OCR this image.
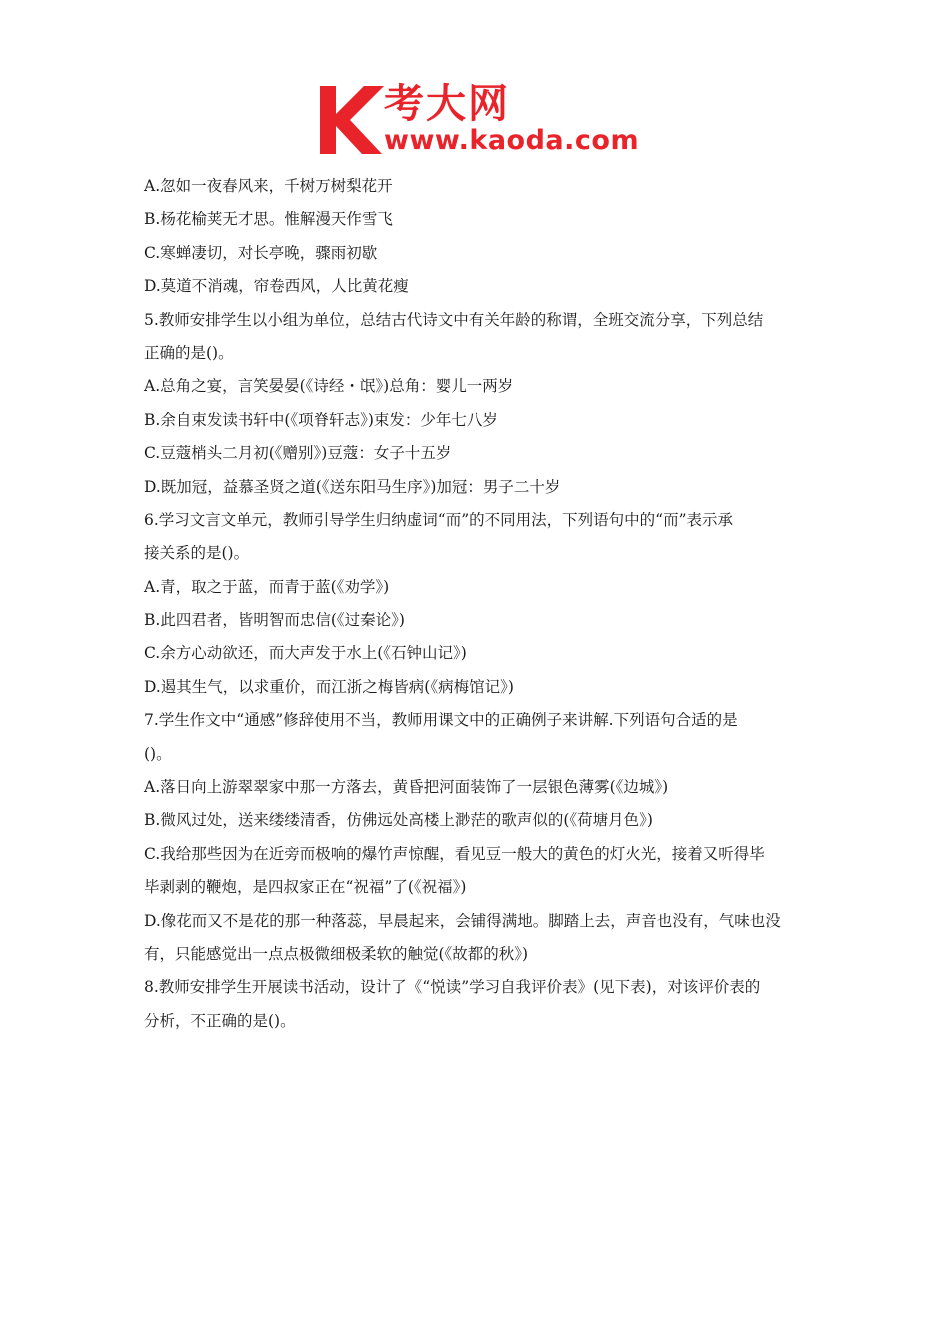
考大网
www.kaoda.com
A.忽如一夜春风来，千树万树梨花开
B.杨花榆荚无才思。惟解漫天作雪飞
C.寒蝉凄切，对长亭晚，骤雨初歇
D.莫道不消魂，帘卷西风，人比黄花瘦
5.教师安排学生以小组为单位，总结古代诗文中有关年龄的称谓，全班交流分享，下列总结
正确的是()。
A.总角之宴，言笑晏晏(《诗经・氓》)总角：婴儿一两岁
B.余自束发读书轩中(《项脊轩志》)束发：少年七八岁
C.豆蔻梢头二月初(《赠别》)豆蔻：女子十五岁
D.既加冠，益慕圣贤之道(《送东阳马生序》)加冠：男子二十岁
6.学习文言文单元，教师引导学生归纳虚词“而”的不同用法，下列语句中的“而”表示承
接关系的是()。
A.青，取之于蓝，而青于蓝(《劝学》)
B.此四君者，皆明智而忠信(《过秦论》)
C.余方心动欲还，而大声发于水上(《石钟山记》)
D.遏其生气，以求重价，而江浙之梅皆病(《病梅馆记》)
7.学生作文中“通感”修辞使用不当，教师用课文中的正确例子来讲解.下列语句合适的是
()。
A.落日向上游翠翠家中那一方落去，黄昏把河面装饰了一层银色薄雾(《边城》)
B.微风过处，送来缕缕清香，仿佛远处高楼上渺茫的歌声似的(《荷塘月色》)
C.我给那些因为在近旁而极响的爆竹声惊醒，看见豆一般大的黄色的灯火光，接着又听得毕
毕剥剥的鞭炮，是四叔家正在“祝福”了(《祝福》)
D.像花而又不是花的那一种落蕊，早晨起来，会铺得满地。脚踏上去，声音也没有，气味也没
有，只能感觉出一点点极微细极柔软的触觉(《故都的秋》)
8.教师安排学生开展读书活动，设计了《“悦读”学习自我评价表》(见下表)，对该评价表的
分析，不正确的是()。
